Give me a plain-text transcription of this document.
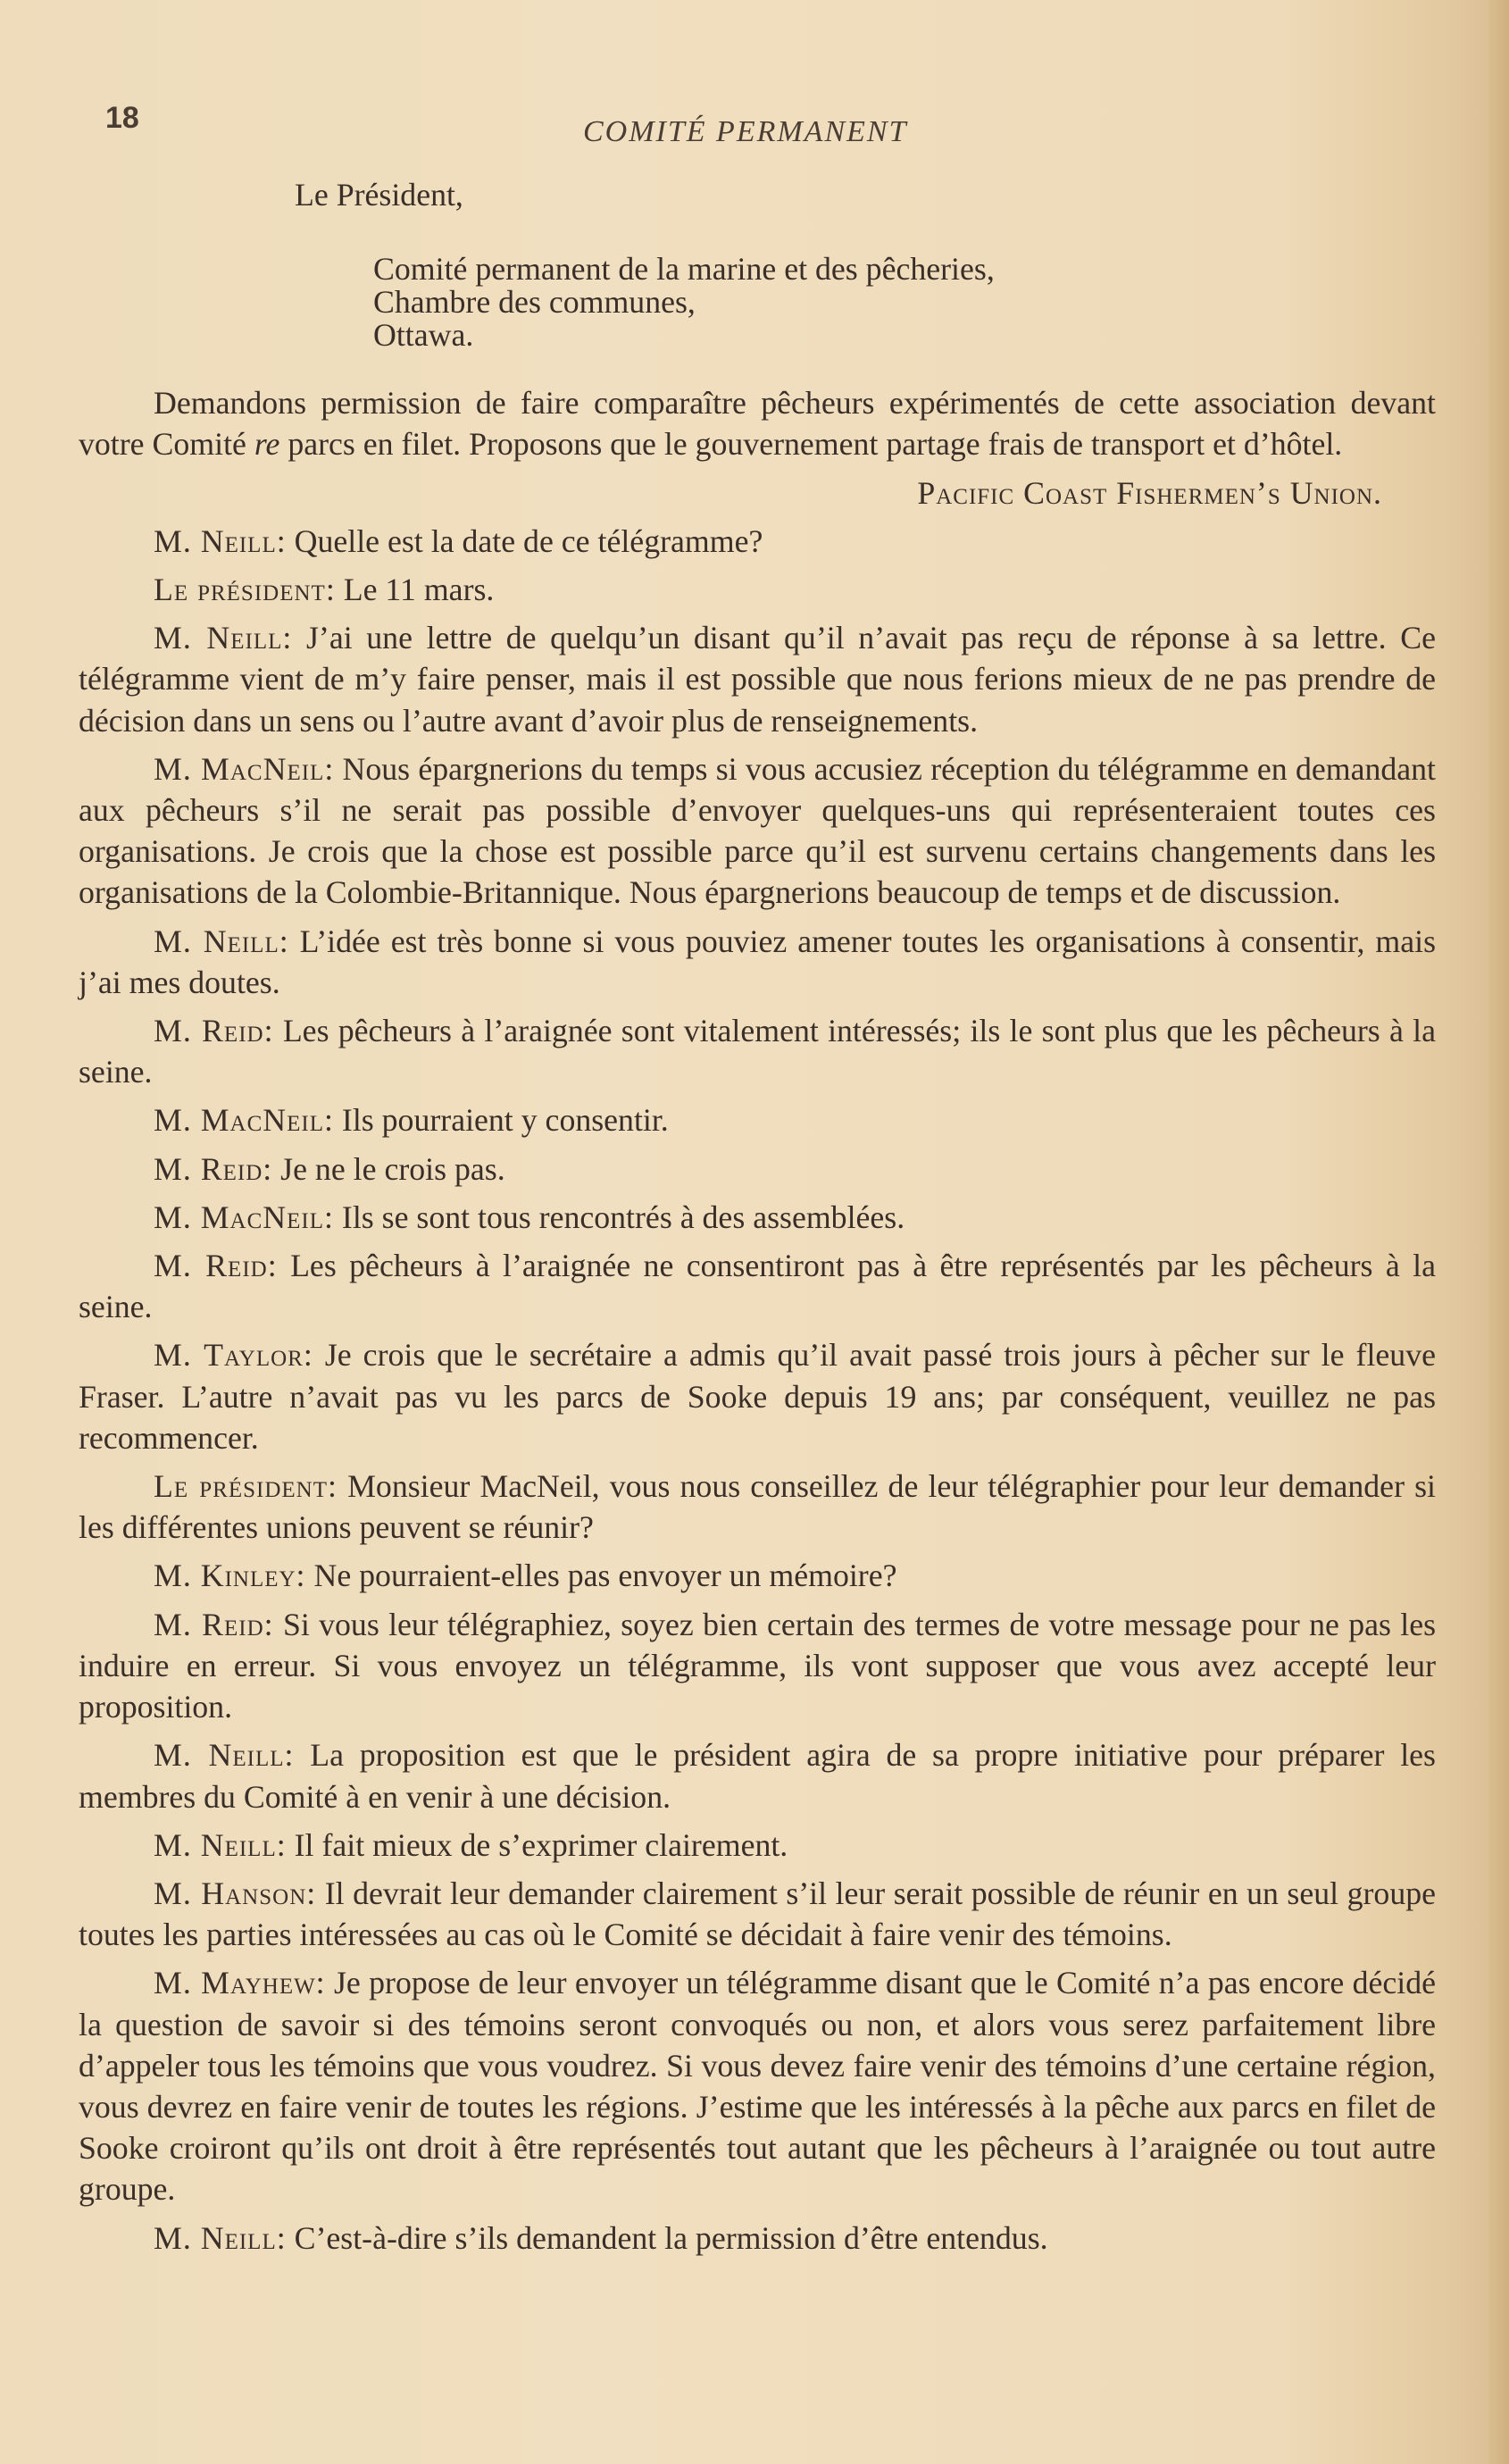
18	COMITÉ PERMANENT
Le Président,
Comité permanent de la marine et des pêcheries,
Chambre des communes,
Ottawa.

Demandons permission de faire comparaître pêcheurs expérimentés de cette association devant votre Comité re parcs en filet. Proposons que le gouvernement partage frais de transport et d’hôtel.

Pacific Coast Fishermen’s Union.

M. Neill: Quelle est la date de ce télégramme?

Le président: Le 11 mars.

M. Neill: J’ai une lettre de quelqu’un disant qu’il n’avait pas reçu de réponse à sa lettre. Ce télégramme vient de m’y faire penser, mais il est possible que nous ferions mieux de ne pas prendre de décision dans un sens ou l’autre avant d’avoir plus de renseignements.

M. MacNeil: Nous épargnerions du temps si vous accusiez réception du télégramme en demandant aux pêcheurs s’il ne serait pas possible d’envoyer quelques-uns qui représenteraient toutes ces organisations. Je crois que la chose est possible parce qu’il est survenu certains changements dans les organisations de la Colombie-Britannique. Nous épargnerions beaucoup de temps et de discussion.

M. Neill: L’idée est très bonne si vous pouviez amener toutes les organisations à consentir, mais j’ai mes doutes.

M. Reid: Les pêcheurs à l’araignée sont vitalement intéressés; ils le sont plus que les pêcheurs à la seine.

M. MacNeil: Ils pourraient y consentir.

M. Reid: Je ne le crois pas.

M. MacNeil: Ils se sont tous rencontrés à des assemblées.

M. Reid: Les pêcheurs à l’araignée ne consentiront pas à être représentés par les pêcheurs à la seine.

M. Taylor: Je crois que le secrétaire a admis qu’il avait passé trois jours à pêcher sur le fleuve Fraser. L’autre n’avait pas vu les parcs de Sooke depuis 19 ans; par conséquent, veuillez ne pas recommencer.

Le président: Monsieur MacNeil, vous nous conseillez de leur télégraphier pour leur demander si les différentes unions peuvent se réunir?

M. Kinley: Ne pourraient-elles pas envoyer un mémoire?

M. Reid: Si vous leur télégraphiez, soyez bien certain des termes de votre message pour ne pas les induire en erreur. Si vous envoyez un télégramme, ils vont supposer que vous avez accepté leur proposition.

M. Neill: La proposition est que le président agira de sa propre initiative pour préparer les membres du Comité à en venir à une décision.

M. Neill: Il fait mieux de s’exprimer clairement.

M. Hanson: Il devrait leur demander clairement s’il leur serait possible de réunir en un seul groupe toutes les parties intéressées au cas où le Comité se décidait à faire venir des témoins.

M. Mayhew: Je propose de leur envoyer un télégramme disant que le Comité n’a pas encore décidé la question de savoir si des témoins seront convoqués ou non, et alors vous serez parfaitement libre d’appeler tous les témoins que vous voudrez. Si vous devez faire venir des témoins d’une certaine région, vous devrez en faire venir de toutes les régions. J’estime que les intéressés à la pêche aux parcs en filet de Sooke croiront qu’ils ont droit à être représentés tout autant que les pêcheurs à l’araignée ou tout autre groupe.

M. Neill: C’est-à-dire s’ils demandent la permission d’être entendus.
